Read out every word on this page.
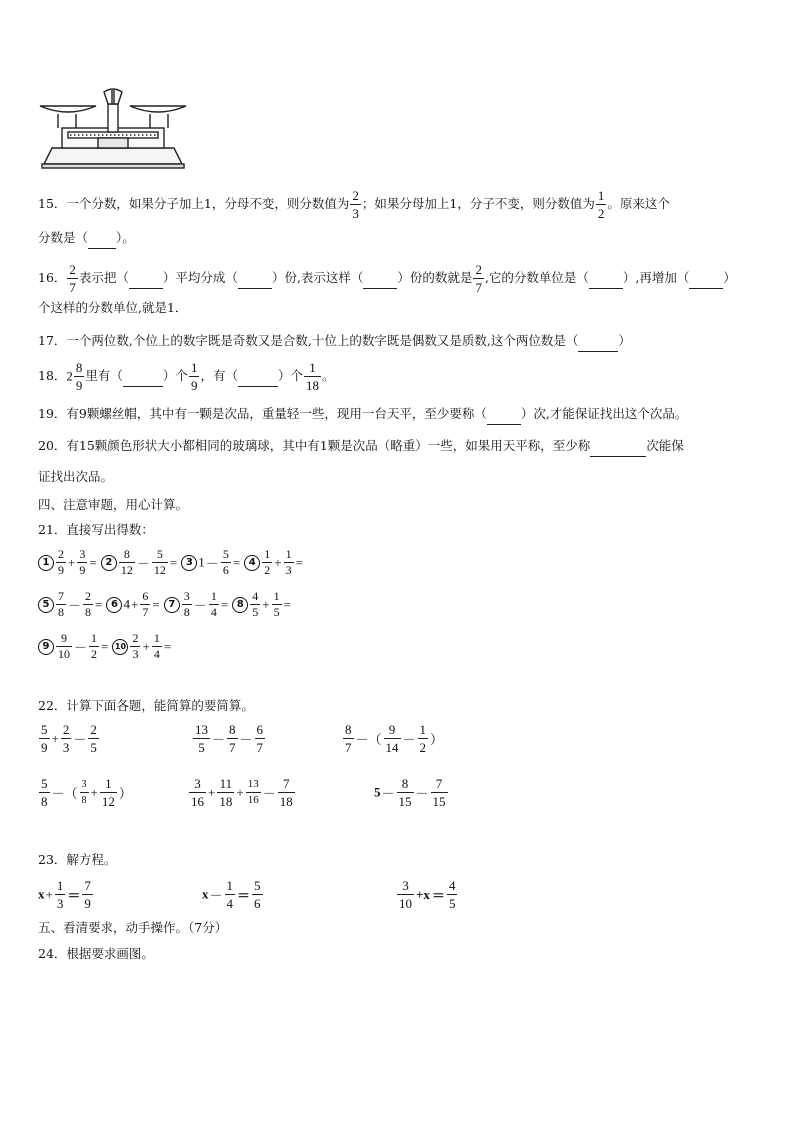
15．一个分数，如果分子加上1，分母不变，则分数值为 $\frac{2}{3}$ ；如果分母加上1，分子不变，则分数值为 $\frac{1}{2}$ 。原来这个
分数是（ ）。
16． $\frac{2}{7}$ 表示把（	）平均分成（	）份,表示这样（	）份的数就是 $\frac{2}{7}$ ,它的分数单位是（	）,再增加（	）
个这样的分数单位,就是1．
17．一个两位数,个位上的数字既是奇数又是合数,十位上的数字既是偶数又是质数,这个两位数是（	）
18．$2 \frac{8}{9}$ 里有（	）个 $\frac{1}{9}$ ，有（	）个 $\frac{1}{18}$ 。
19．有9颗螺丝帽，其中有一颗是次品，重量轻一些，现用一台天平，至少要称（	）次,才能保证找出这个次品。
20．有15颗颜色形状大小都相同的玻璃球，其中有1颗是次品（略重）一些，如果用天平称，至少称	次能保
证找出次品。
四、注意审题，用心计算。
21．直接写出得数：
$1 \frac{2}{9} + \frac{3}{9} = 2 \frac{8}{12} - \frac{5}{12} = 3$ $1- \frac{5}{6} = 4 \frac{1}{2} + \frac{1}{3}$ =
$5 \frac{7}{8} - \frac{2}{8} = 6$ $4+ \frac{6}{7} = 7 \frac{3}{8} - \frac{1}{4} = 8 \frac{4}{5} + \frac{1}{5}$ =
$9 \frac{9}{10} - \frac{1}{2} = 10 \frac{2}{3} + \frac{1}{4}$ =
22．计算下面各题，能简算的要简算。
$\frac{5}{9} + \frac{2}{3} - \frac{2}{5}$	$\frac{13}{5} - \frac{8}{7} - \frac{6}{7}$	$\frac{8}{7}$ －（ $\frac{9}{14} - \frac{1}{2}$ ）
$\frac{5}{8}$ －（ $\frac{3}{8} + \frac{1}{12}$ ）	$\frac{3}{16} + \frac{11}{18} + \frac{13}{16} - \frac{7}{18}$	$5- \frac{8}{15} - \frac{7}{15}$
23．解方程。
$x+ \frac{1}{3} = \frac{7}{9}$	$x- \frac{1}{4} = \frac{5}{6}$	$\frac{3}{10} +x = \frac{4}{5}$
五、看清要求，动手操作。（7分）
24．根据要求画图。
